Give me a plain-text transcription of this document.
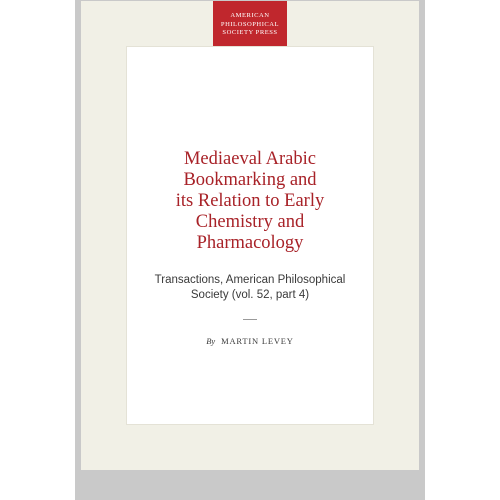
AMERICAN
PHILOSOPHICAL
SOCIETY PRESS
Mediaeval Arabic
Bookmarking and
its Relation to Early
Chemistry and
Pharmacology
Transactions, American Philosophical
Society (vol. 52, part 4)
By MARTIN LEVEY
